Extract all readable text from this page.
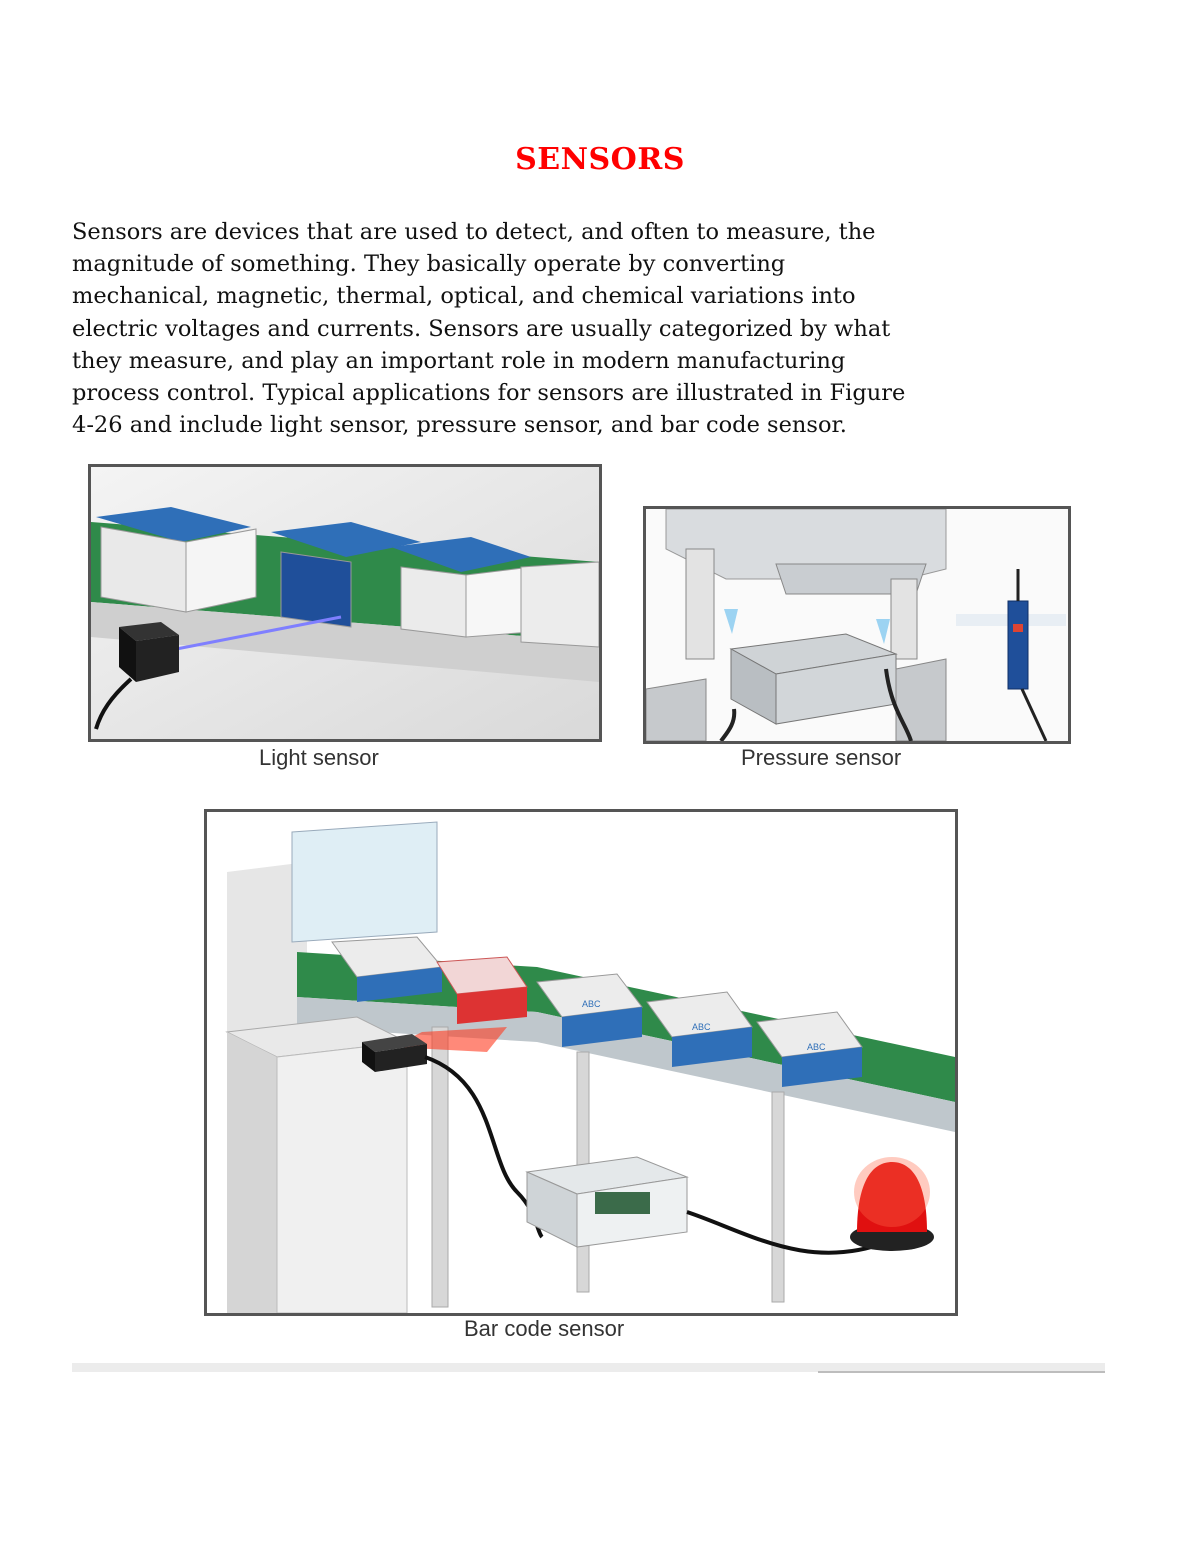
SENSORS
Sensors are devices that are used to detect, and often to measure, the
magnitude of something. They basically operate by converting
mechanical, magnetic, thermal, optical, and chemical variations into
electric voltages and currents. Sensors are usually categorized by what
they measure, and play an important role in modern manufacturing
process control. Typical applications for sensors are illustrated in Figure
4-26 and include light sensor, pressure sensor, and bar code sensor.
Light sensor	Pressure sensor
ABC
ABC
ABC
Bar code sensor
